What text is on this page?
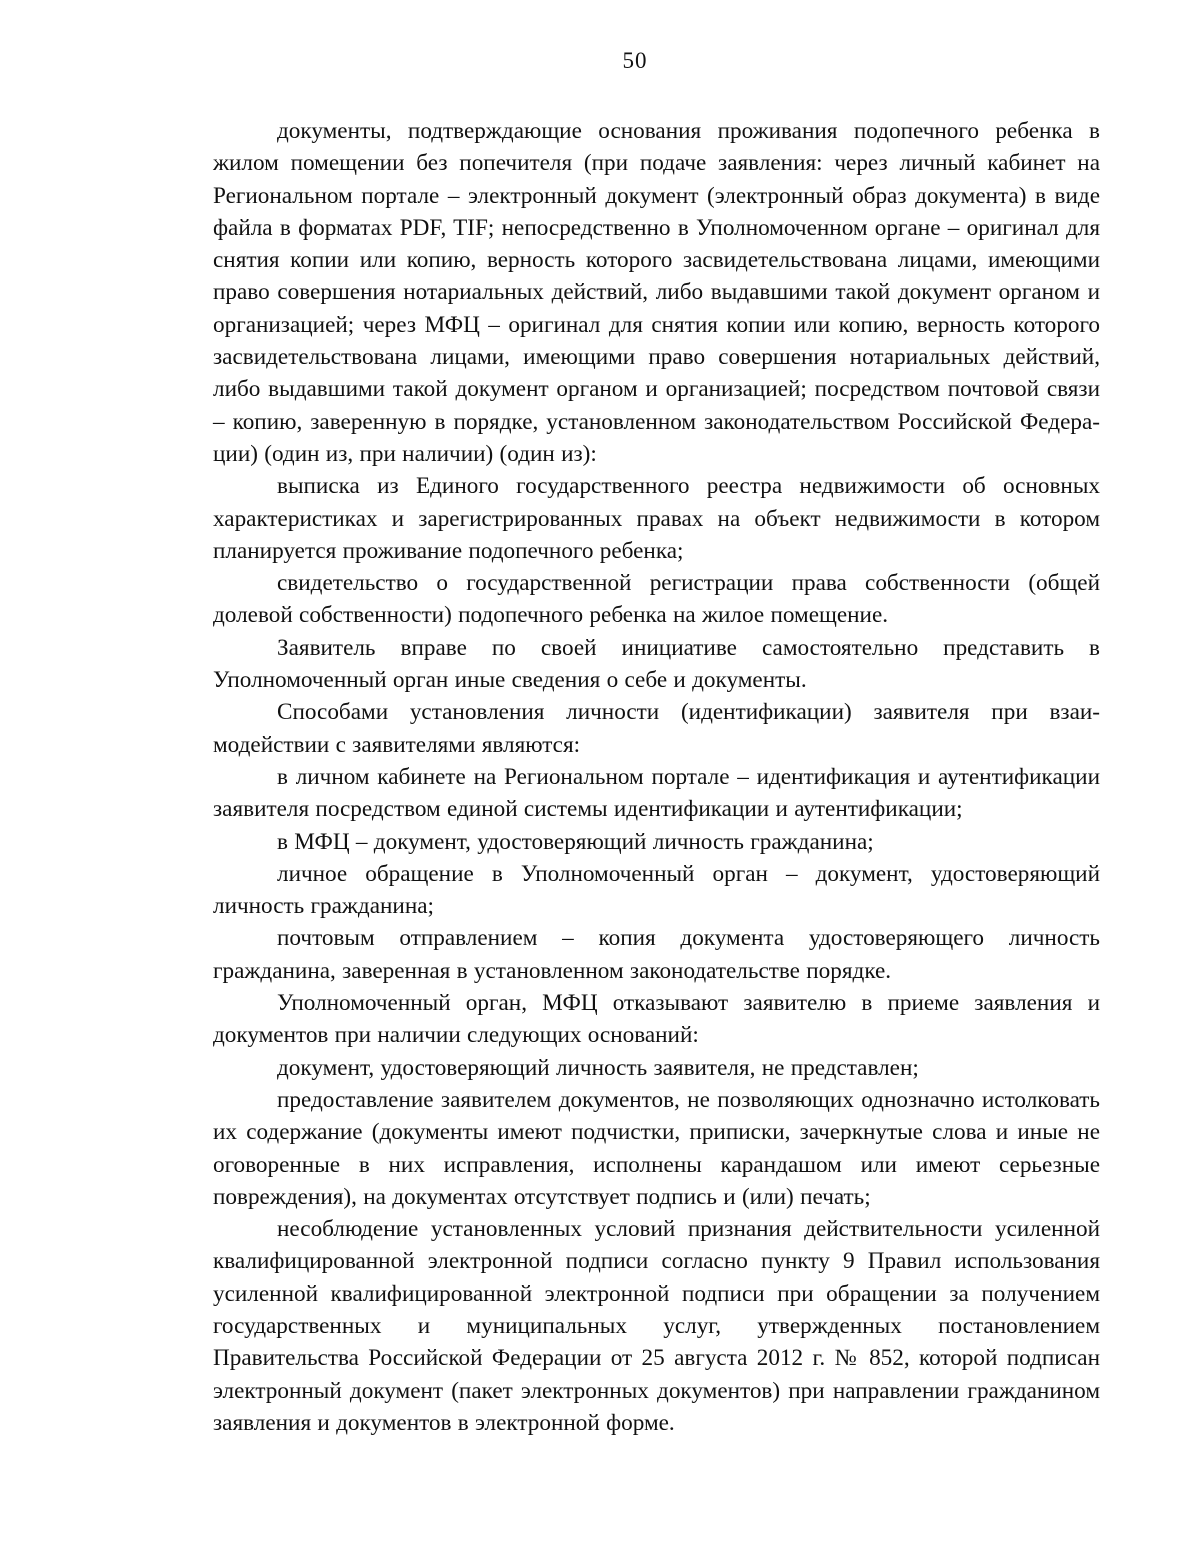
50

документы, подтверждающие основания проживания подопечного ребенка в жилом помещении без попечителя (при подаче заявления: через личный кабинет на Региональном портале – электронный документ (электронный образ документа) в виде файла в форматах PDF, TIF; непосредственно в Уполномоченном органе – оригинал для снятия копии или копию, верность которого засвидетельствована лицами, имеющими право совершения нотариальных действий, либо выдавшими такой документ органом и организацией; через МФЦ – оригинал для снятия копии или копию, верность которого засвидетельствована лицами, имеющими право совершения нотариальных действий, либо выдавшими такой документ органом и организацией; посредством почтовой связи – копию, заверенную в порядке, установленном законодательством Российской Федерации) (один из, при наличии) (один из):

выписка из Единого государственного реестра недвижимости об основных характеристиках и зарегистрированных правах на объект недвижимости в котором планируется проживание подопечного ребенка;

свидетельство о государственной регистрации права собственности (общей долевой собственности) подопечного ребенка на жилое помещение.

Заявитель вправе по своей инициативе самостоятельно представить в Уполномоченный орган иные сведения о себе и документы.

Способами установления личности (идентификации) заявителя при взаимодействии с заявителями являются:

в личном кабинете на Региональном портале – идентификация и аутентификации заявителя посредством единой системы идентификации и аутентификации;

в МФЦ – документ, удостоверяющий личность гражданина;

личное обращение в Уполномоченный орган – документ, удостоверяющий личность гражданина;

почтовым отправлением – копия документа удостоверяющего личность гражданина, заверенная в установленном законодательстве порядке.

Уполномоченный орган, МФЦ отказывают заявителю в приеме заявления и документов при наличии следующих оснований:

документ, удостоверяющий личность заявителя, не представлен;

предоставление заявителем документов, не позволяющих однозначно истолковать их содержание (документы имеют подчистки, приписки, зачеркнутые слова и иные не оговоренные в них исправления, исполнены карандашом или имеют серьезные повреждения), на документах отсутствует подпись и (или) печать;

несоблюдение установленных условий признания действительности усиленной квалифицированной электронной подписи согласно пункту 9 Правил использования усиленной квалифицированной электронной подписи при обращении за получением государственных и муниципальных услуг, утвержденных постановлением Правительства Российской Федерации от 25 августа 2012 г. № 852, которой подписан электронный документ (пакет электронных документов) при направлении гражданином заявления и документов в электронной форме.
